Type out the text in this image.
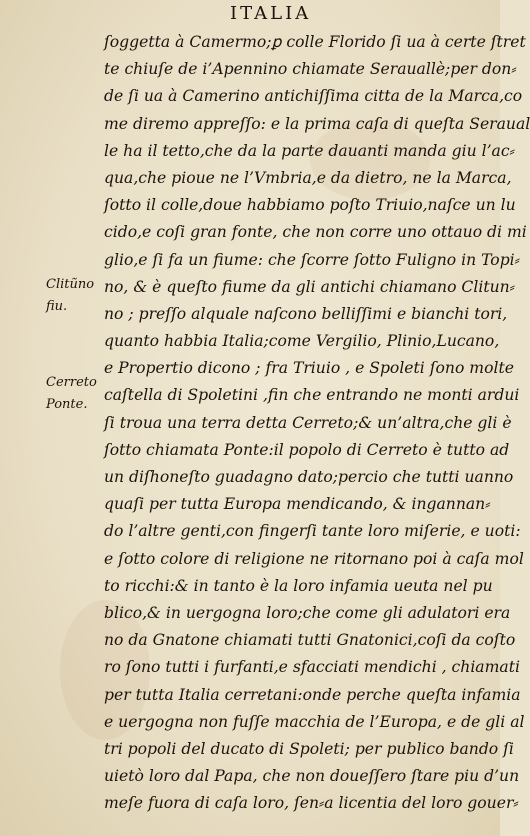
ITALIA
Clitũno
fiu.
Cerreto
Ponte.
ſoggetta à Camermo;ꝑ colle Florido ſi ua à certe ſtret
te chiuſe de i’Apennino chiamate Serauallè;per don⸗
de ſi ua à Camerino antichiſſima citta de la Marca,co
me diremo appreſſo: e la prima caſa di queſta Seraual
le ha il tetto,che da la parte dauanti manda giu l’ac⸗
qua,che pioue ne l’Vmbria,e da dietro, ne la Marca,
ſotto il colle,doue habbiamo poſto Triuio,naſce un lu
cido,e coſi gran fonte, che non corre uno ottauo di mi
glio,e ſi fa un fiume: che ſcorre ſotto Fuligno in Topi⸗
no, & è queſto fiume da gli antichi chiamano Clitun⸗
no ; preſſo alquale naſcono belliſſimi e bianchi tori,
quanto habbia Italia;come Vergilio, Plinio,Lucano,
e Propertio dicono ; fra Triuio , e Spoleti ſono molte
caſtella di Spoletini ,fin che entrando ne monti ardui
ſi troua una terra detta Cerreto;& un’altra,che gli è
ſotto chiamata Ponte:il popolo di Cerreto è tutto ad
un diſhoneſto guadagno dato;percio che tutti uanno
quaſi per tutta Europa mendicando, & ingannan⸗
do l’altre genti,con fingerſi tante loro miſerie, e uoti:
e ſotto colore di religione ne ritornano poi à caſa mol
to ricchi:& in tanto è la loro infamia ueuta nel pu
blico,& in uergogna loro;che come gli adulatori era
no da Gnatone chiamati tutti Gnatonici,coſi da coſto
ro ſono tutti i furfanti,e sfacciati mendichi , chiamati
per tutta Italia cerretani:onde perche queſta infamia
e uergogna non fuſſe macchia de l’Europa, e de gli al
tri popoli del ducato di Spoleti; per publico bando ſi
uietò loro dal Papa, che non doueſſero ſtare piu d’un
meſe fuora di caſa loro, ſen⸗a licentia del loro gouer⸗
